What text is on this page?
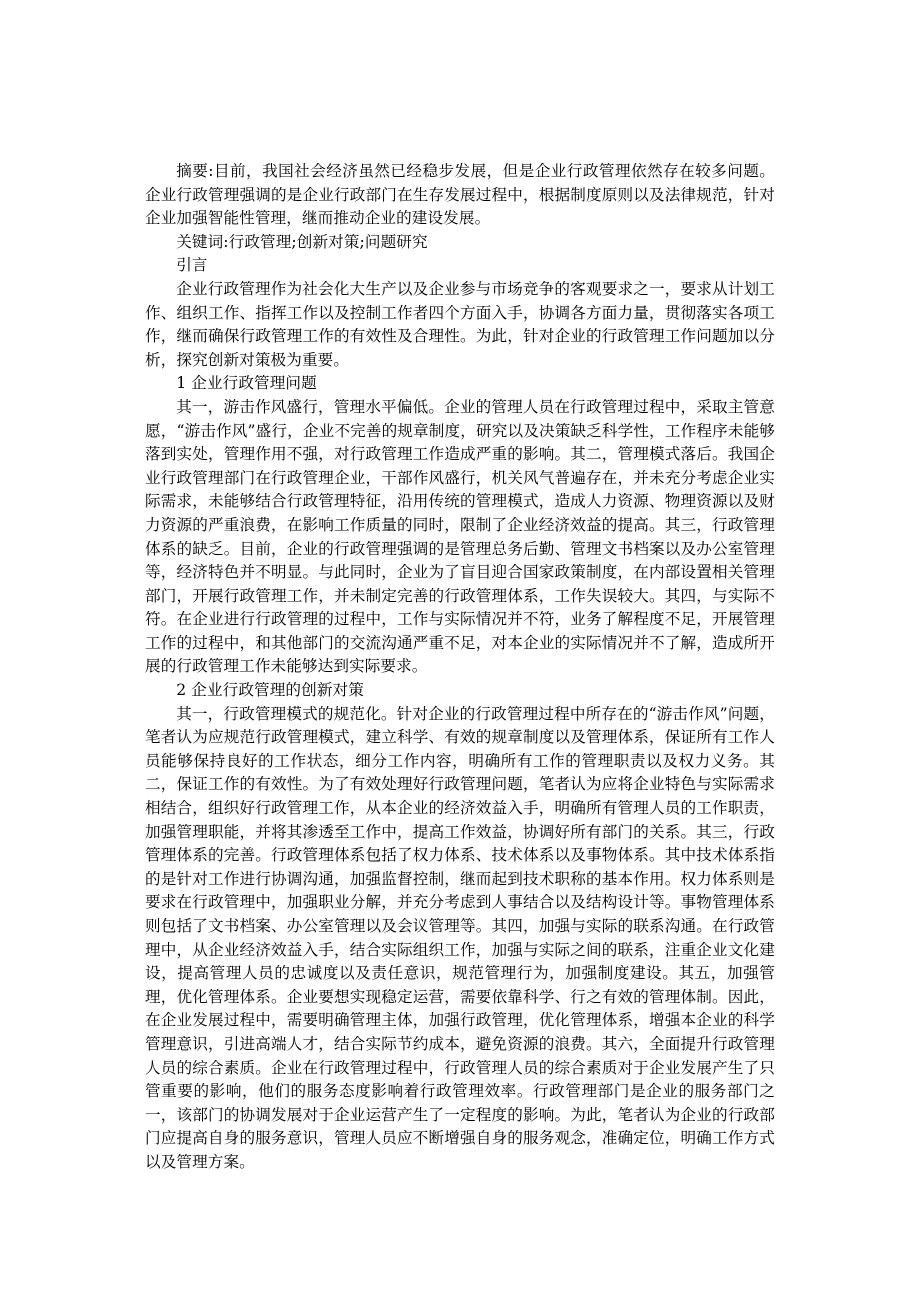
摘要:目前，我国社会经济虽然已经稳步发展，但是企业行政管理依然存在较多问题。企业行政管理强调的是企业行政部门在生存发展过程中，根据制度原则以及法律规范，针对企业加强智能性管理，继而推动企业的建设发展。

关键词:行政管理;创新对策;问题研究

引言

企业行政管理作为社会化大生产以及企业参与市场竞争的客观要求之一，要求从计划工作、组织工作、指挥工作以及控制工作者四个方面入手，协调各方面力量，贯彻落实各项工作，继而确保行政管理工作的有效性及合理性。为此，针对企业的行政管理工作问题加以分析，探究创新对策极为重要。

1 企业行政管理问题

其一，游击作风盛行，管理水平偏低。企业的管理人员在行政管理过程中，采取主管意愿，“游击作风”盛行，企业不完善的规章制度，研究以及决策缺乏科学性，工作程序未能够落到实处，管理作用不强，对行政管理工作造成严重的影响。其二，管理模式落后。我国企业行政管理部门在行政管理企业，干部作风盛行，机关风气普遍存在，并未充分考虑企业实际需求，未能够结合行政管理特征，沿用传统的管理模式，造成人力资源、物理资源以及财力资源的严重浪费，在影响工作质量的同时，限制了企业经济效益的提高。其三，行政管理体系的缺乏。目前，企业的行政管理强调的是管理总务后勤、管理文书档案以及办公室管理等，经济特色并不明显。与此同时，企业为了盲目迎合国家政策制度，在内部设置相关管理部门，开展行政管理工作，并未制定完善的行政管理体系，工作失误较大。其四，与实际不符。在企业进行行政管理的过程中，工作与实际情况并不符，业务了解程度不足，开展管理工作的过程中，和其他部门的交流沟通严重不足，对本企业的实际情况并不了解，造成所开展的行政管理工作未能够达到实际要求。

2 企业行政管理的创新对策

其一，行政管理模式的规范化。针对企业的行政管理过程中所存在的“游击作风”问题，笔者认为应规范行政管理模式，建立科学、有效的规章制度以及管理体系，保证所有工作人员能够保持良好的工作状态，细分工作内容，明确所有工作的管理职责以及权力义务。其二，保证工作的有效性。为了有效处理好行政管理问题，笔者认为应将企业特色与实际需求相结合，组织好行政管理工作，从本企业的经济效益入手，明确所有管理人员的工作职责，加强管理职能，并将其渗透至工作中，提高工作效益，协调好所有部门的关系。其三，行政管理体系的完善。行政管理体系包括了权力体系、技术体系以及事物体系。其中技术体系指的是针对工作进行协调沟通，加强监督控制，继而起到技术职称的基本作用。权力体系则是要求在行政管理中，加强职业分解，并充分考虑到人事结合以及结构设计等。事物管理体系则包括了文书档案、办公室管理以及会议管理等。其四，加强与实际的联系沟通。在行政管理中，从企业经济效益入手，结合实际组织工作，加强与实际之间的联系，注重企业文化建设，提高管理人员的忠诚度以及责任意识，规范管理行为，加强制度建设。其五，加强管理，优化管理体系。企业要想实现稳定运营，需要依靠科学、行之有效的管理体制。因此，在企业发展过程中，需要明确管理主体，加强行政管理，优化管理体系，增强本企业的科学管理意识，引进高端人才，结合实际节约成本，避免资源的浪费。其六，全面提升行政管理人员的综合素质。企业在行政管理过程中，行政管理人员的综合素质对于企业发展产生了只管重要的影响，他们的服务态度影响着行政管理效率。行政管理部门是企业的服务部门之一，该部门的协调发展对于企业运营产生了一定程度的影响。为此，笔者认为企业的行政部门应提高自身的服务意识，管理人员应不断增强自身的服务观念，准确定位，明确工作方式以及管理方案。
